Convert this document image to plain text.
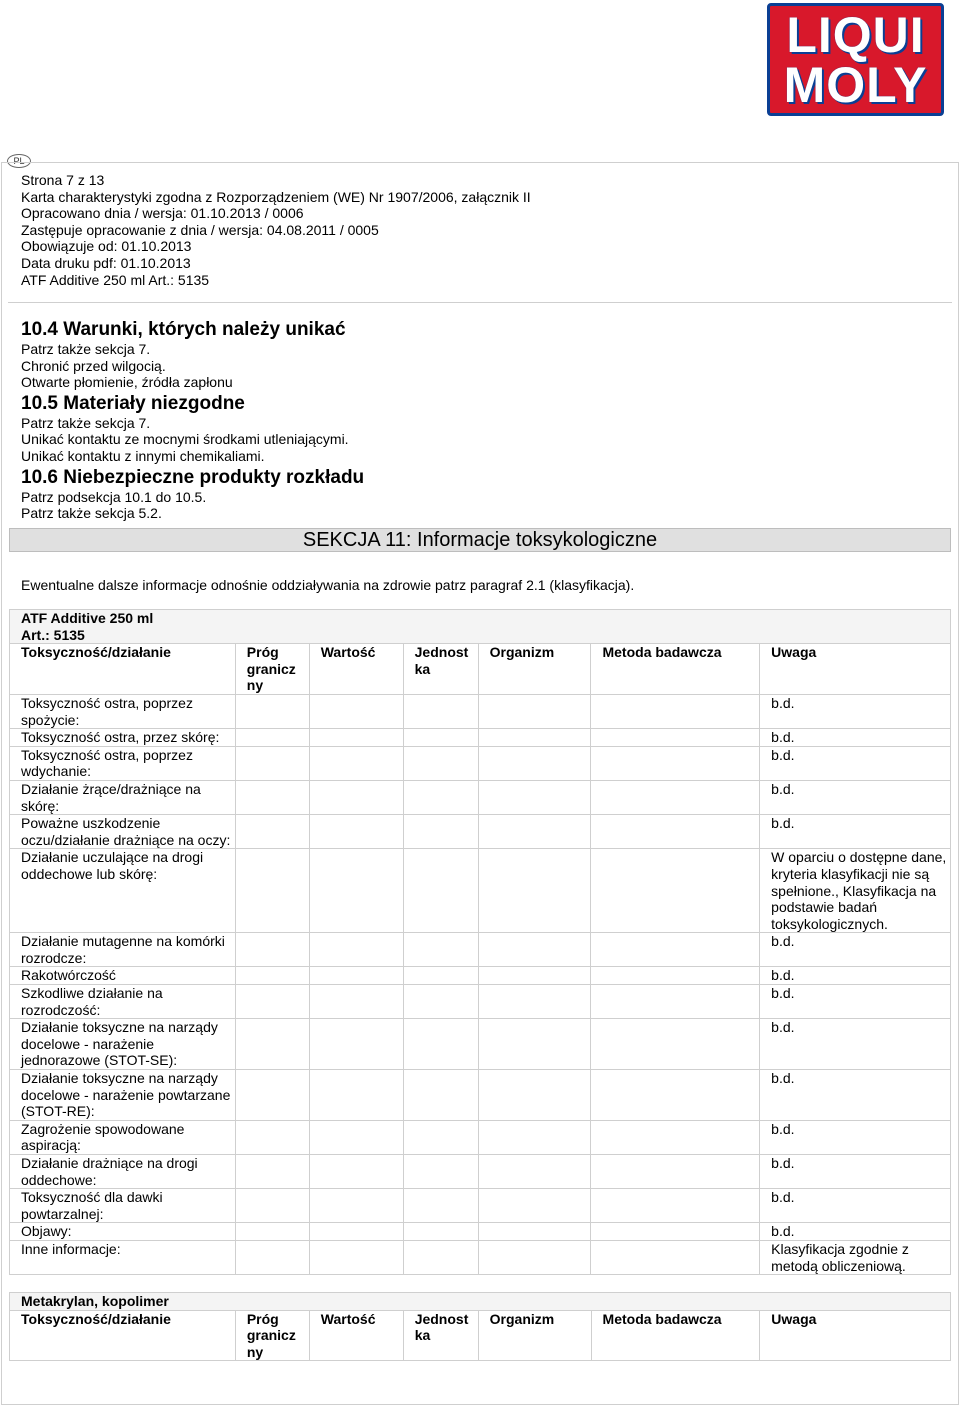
LIQUI
MOLY
PL
Strona 7 z 13
Karta charakterystyki zgodna z Rozporządzeniem (WE) Nr 1907/2006, załącznik II
Opracowano dnia / wersja: 01.10.2013 / 0006
Zastępuje opracowanie z dnia / wersja: 04.08.2011 / 0005
Obowiązuje od: 01.10.2013
Data druku pdf: 01.10.2013
ATF Additive 250 ml Art.: 5135
10.4 Warunki, których należy unikać
Patrz także sekcja 7.
Chronić przed wilgocią.
Otwarte płomienie, źródła zapłonu
10.5 Materiały niezgodne
Patrz także sekcja 7.
Unikać kontaktu ze mocnymi środkami utleniającymi.
Unikać kontaktu z innymi chemikaliami.
10.6 Niebezpieczne produkty rozkładu
Patrz podsekcja 10.1 do 10.5.
Patrz także sekcja 5.2.
SEKCJA 11: Informacje toksykologiczne
Ewentualne dalsze informacje odnośnie oddziaływania na zdrowie patrz paragraf 2.1 (klasyfikacja).
ATF Additive 250 ml
Art.: 5135						

Toksyczność/działanie	Próg granicz ny	Wartość	Jednost ka	Organizm	Metoda badawcza	Uwaga
Toksyczność ostra, poprzez spożycie:						b.d.
Toksyczność ostra, przez skórę:						b.d.
Toksyczność ostra, poprzez wdychanie:						b.d.
Działanie żrące/drażniące na skórę:						b.d.
Poważne uszkodzenie oczu/działanie drażniące na oczy:						b.d.
Działanie uczulające na drogi oddechowe lub skórę:						W oparciu o dostępne dane, kryteria klasyfikacji nie są spełnione., Klasyfikacja na podstawie badań toksykologicznych.
Działanie mutagenne na komórki rozrodcze:						b.d.
Rakotwórczość						b.d.
Szkodliwe działanie na rozrodczość:						b.d.
Działanie toksyczne na narządy docelowe - narażenie jednorazowe (STOT-SE):						b.d.
Działanie toksyczne na narządy docelowe - narażenie powtarzane (STOT-RE):						b.d.
Zagrożenie spowodowane aspiracją:						b.d.
Działanie drażniące na drogi oddechowe:						b.d.
Toksyczność dla dawki powtarzalnej:						b.d.
Objawy:						b.d.
Inne informacje:						Klasyfikacja zgodnie z metodą obliczeniową.
Metakrylan, kopolimer

Toksyczność/działanie	Próg granicz ny	Wartość	Jednost ka	Organizm	Metoda badawcza	Uwaga
